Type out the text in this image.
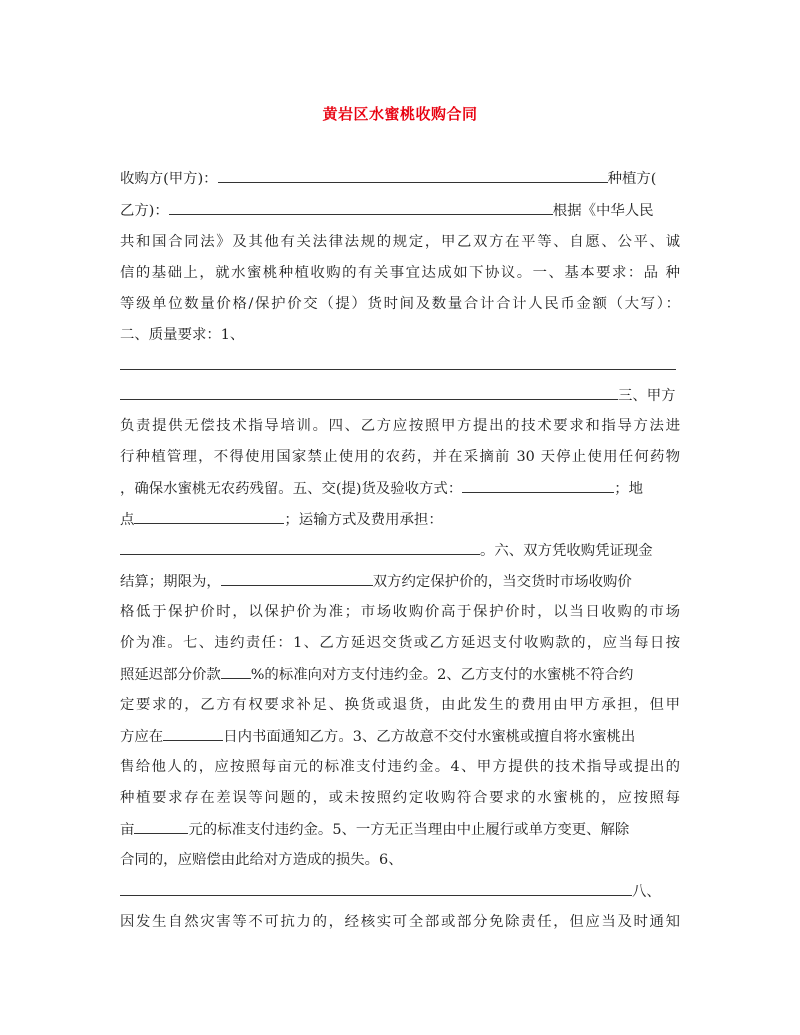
黄岩区水蜜桃收购合同
收购方(甲方)：	种植方(
乙方)：	根据《中华人民
共和国合同法》及其他有关法律法规的规定，甲乙双方在平等、自愿、公平、诚
信的基础上，就水蜜桃种植收购的有关事宜达成如下协议。一、基本要求：品 种
等级单位数量价格/保护价交（提）货时间及数量合计合计人民币金额（大写）：
二、质量要求：1、
三、甲方
负责提供无偿技术指导培训。四、乙方应按照甲方提出的技术要求和指导方法进
行种植管理，不得使用国家禁止使用的农药，并在采摘前 30 天停止使用任何药物
，确保水蜜桃无农药残留。五、交(提)货及验收方式：	；地
点	；运输方式及费用承担：
。六、双方凭收购凭证现金
结算；期限为，	双方约定保护价的，当交货时市场收购价
格低于保护价时，以保护价为准；市场收购价高于保护价时，以当日收购的市场
价为准。七、违约责任：1、乙方延迟交货或乙方延迟支付收购款的，应当每日按
照延迟部分价款 %的标准向对方支付违约金。2、乙方支付的水蜜桃不符合约
定要求的，乙方有权要求补足、换货或退货，由此发生的费用由甲方承担，但甲
方应在	日内书面通知乙方。3、乙方故意不交付水蜜桃或擅自将水蜜桃出
售给他人的，应按照每亩元的标准支付违约金。4、甲方提供的技术指导或提出的
种植要求存在差误等问题的，或未按照约定收购符合要求的水蜜桃的，应按照每
亩	元的标准支付违约金。5、一方无正当理由中止履行或单方变更、解除
合同的，应赔偿由此给对方造成的损失。6、
八、
因发生自然灾害等不可抗力的，经核实可全部或部分免除责任，但应当及时通知
